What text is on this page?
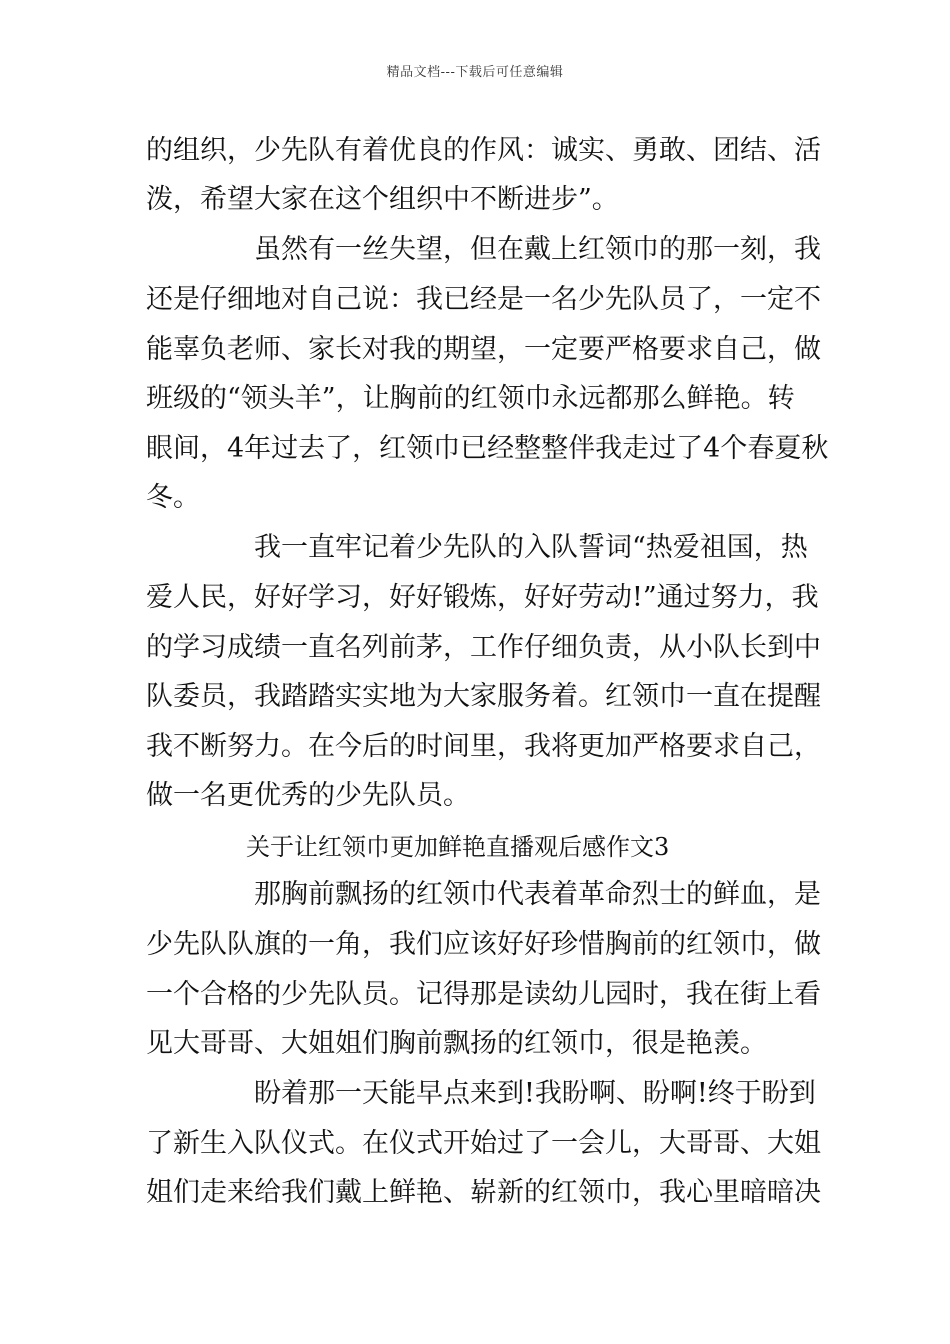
精品文档---下载后可任意编辑
的组织，少先队有着优良的作风：诚实、勇敢、团结、活
泼，希望大家在这个组织中不断进步”。
虽然有一丝失望，但在戴上红领巾的那一刻，我
还是仔细地对自己说：我已经是一名少先队员了，一定不
能辜负老师、家长对我的期望，一定要严格要求自己，做
班级的“领头羊”，让胸前的红领巾永远都那么鲜艳。转
眼间，4年过去了，红领巾已经整整伴我走过了4个春夏秋
冬。
我一直牢记着少先队的入队誓词“热爱祖国，热
爱人民，好好学习，好好锻炼，好好劳动!”通过努力，我
的学习成绩一直名列前茅，工作仔细负责，从小队长到中
队委员，我踏踏实实地为大家服务着。红领巾一直在提醒
我不断努力。在今后的时间里，我将更加严格要求自己，
做一名更优秀的少先队员。
关于让红领巾更加鲜艳直播观后感作文3
那胸前飘扬的红领巾代表着革命烈士的鲜血，是
少先队队旗的一角，我们应该好好珍惜胸前的红领巾，做
一个合格的少先队员。记得那是读幼儿园时，我在街上看
见大哥哥、大姐姐们胸前飘扬的红领巾，很是艳羡。
盼着那一天能早点来到!我盼啊、盼啊!终于盼到
了新生入队仪式。在仪式开始过了一会儿，大哥哥、大姐
姐们走来给我们戴上鲜艳、崭新的红领巾，我心里暗暗决
